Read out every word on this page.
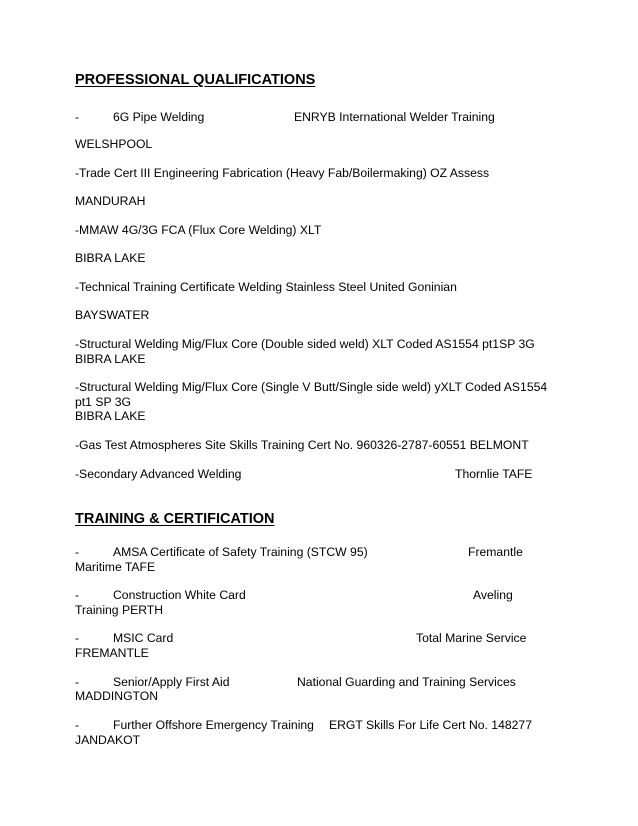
PROFESSIONAL QUALIFICATIONS
-	6G Pipe Welding	ENRYB International Welder Training
WELSHPOOL
-Trade Cert III Engineering Fabrication (Heavy Fab/Boilermaking) OZ Assess
MANDURAH
-MMAW 4G/3G FCA (Flux Core Welding) XLT
BIBRA LAKE
-Technical Training Certificate Welding Stainless Steel United Goninian
BAYSWATER
-Structural Welding Mig/Flux Core (Double sided weld) XLT Coded AS1554 pt1SP 3G
BIBRA LAKE
-Structural Welding Mig/Flux Core (Single V Butt/Single side weld) yXLT Coded AS1554
pt1 SP 3G
BIBRA LAKE
-Gas Test Atmospheres Site Skills Training Cert No. 960326-2787-60551 BELMONT
-Secondary Advanced Welding	Thornlie TAFE
TRAINING & CERTIFICATION
-	AMSA Certificate of Safety Training (STCW 95)	Fremantle
Maritime TAFE
-	Construction White Card	Aveling
Training PERTH
-	MSIC Card	Total Marine Service
FREMANTLE
-	Senior/Apply First Aid	National Guarding and Training Services
MADDINGTON
-	Further Offshore Emergency Training ERGT Skills For Life Cert No. 148277
JANDAKOT
